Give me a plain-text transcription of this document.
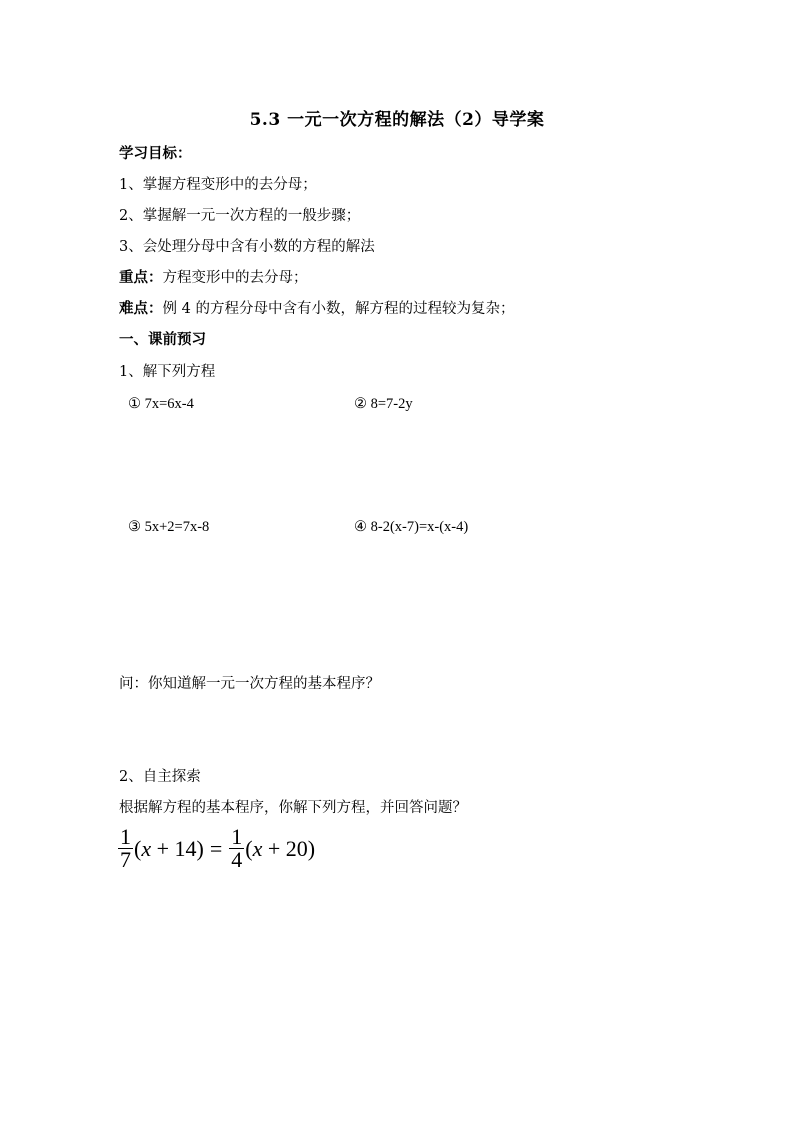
5.3 一元一次方程的解法（2）导学案
学习目标：
1、掌握方程变形中的去分母；
2、掌握解一元一次方程的一般步骤；
3、会处理分母中含有小数的方程的解法
重点：方程变形中的去分母；
难点：例 4 的方程分母中含有小数，解方程的过程较为复杂；
一、课前预习
1、解下列方程
① 7x=6x-4	② 8=7-2y
③ 5x+2=7x-8	④ 8-2(x-7)=x-(x-4)
问：你知道解一元一次方程的基本程序？
2、自主探索
根据解方程的基本程序，你解下列方程，并回答问题？
$\frac{1}{7}$ ( $x + 14) = \frac{1}{4}$ ( x + 20)
